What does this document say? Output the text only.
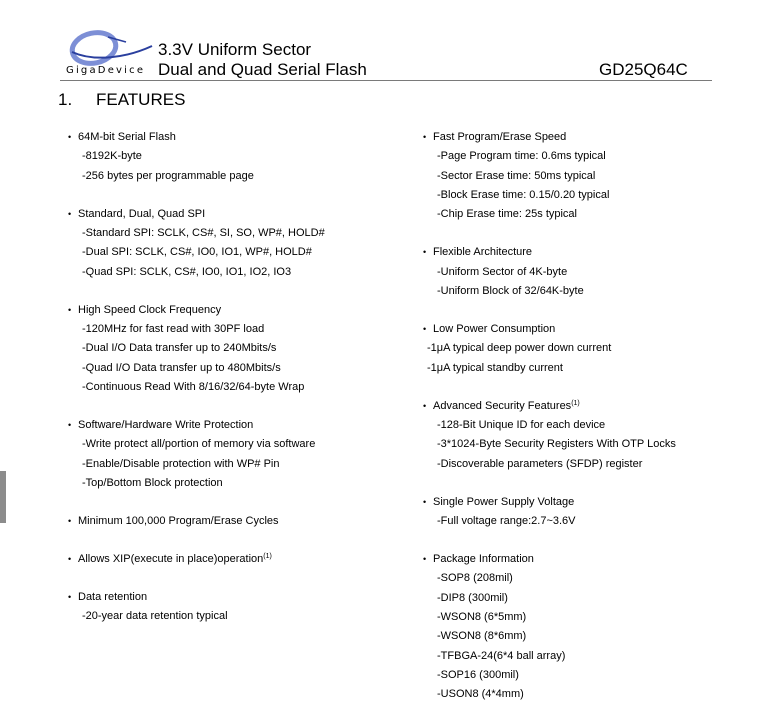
GigaDevice
3.3V Uniform Sector
Dual and Quad Serial Flash	GD25Q64C
1. FEATURES
• 64M-bit Serial Flash
-8192K-byte
-256 bytes per programmable page
• Standard, Dual, Quad SPI
-Standard SPI: SCLK, CS#, SI, SO, WP#, HOLD#
-Dual SPI: SCLK, CS#, IO0, IO1, WP#, HOLD#
-Quad SPI: SCLK, CS#, IO0, IO1, IO2, IO3
• High Speed Clock Frequency
-120MHz for fast read with 30PF load
-Dual I/O Data transfer up to 240Mbits/s
-Quad I/O Data transfer up to 480Mbits/s
-Continuous Read With 8/16/32/64-byte Wrap
• Software/Hardware Write Protection
-Write protect all/portion of memory via software
-Enable/Disable protection with WP# Pin
-Top/Bottom Block protection
• Minimum 100,000 Program/Erase Cycles
• Allows XIP(execute in place)operation$^{(1)}$
• Data retention
-20-year data retention typical
• Fast Program/Erase Speed
-Page Program time: 0.6ms typical
-Sector Erase time: 50ms typical
-Block Erase time: 0.15/0.20 typical
-Chip Erase time: 25s typical
• Flexible Architecture
-Uniform Sector of 4K-byte
-Uniform Block of 32/64K-byte
• Low Power Consumption
-1μA typical deep power down current
-1μA typical standby current
• Advanced Security Features$^{(1)}$
-128-Bit Unique ID for each device
-3*1024-Byte Security Registers With OTP Locks
-Discoverable parameters (SFDP) register
• Single Power Supply Voltage
-Full voltage range:2.7~3.6V
• Package Information
-SOP8 (208mil)
-DIP8 (300mil)
-WSON8 (6*5mm)
-WSON8 (8*6mm)
-TFBGA-24(6*4 ball array)
-SOP16 (300mil)
-USON8 (4*4mm)
